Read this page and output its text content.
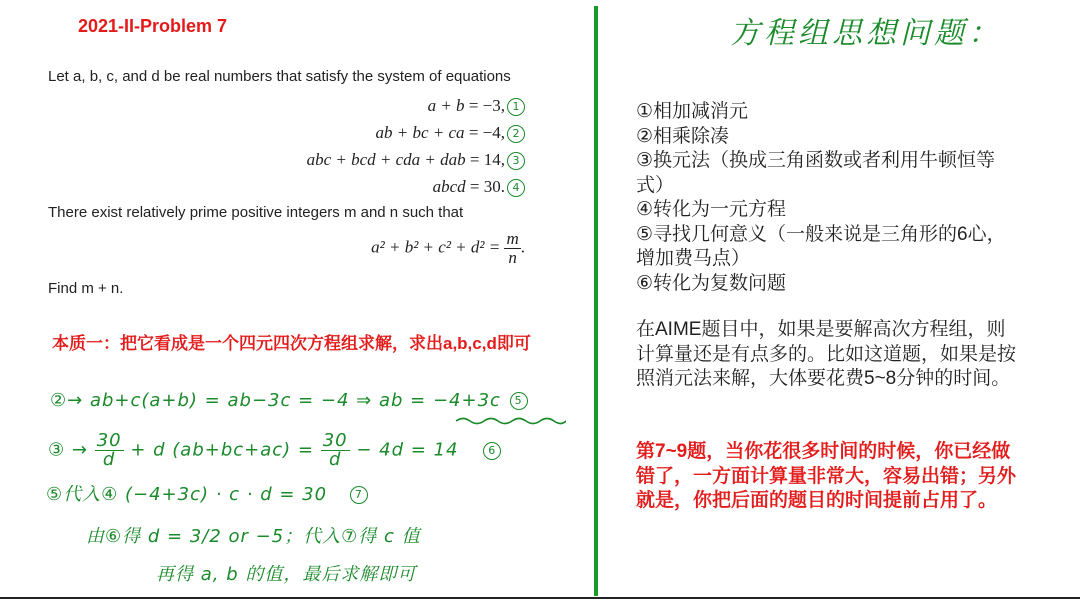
2021-II-Problem 7
Let a, b, c, and d be real numbers that satisfy the system of equations
a + b = −3, 1
ab + bc + ca = −4, 2
abc + bcd + cda + dab = 14, 3
abcd = 30. 4
There exist relatively prime positive integers m and n such that
$a^2 + b^2 + c^2 + d^2 = \frac{m}{n}$ .
Find m + n.
本质一：把它看成是一个四元四次方程组求解，求出a,b,c,d即可
②→ ab+c(a+b) = ab−3c = −4 ⇒ ab = −4+3c 5
③ → $\frac{30}{d} + d$ $(ab+bc+ac) = \frac{30}{d} - 4d = 14$	6
⑤代入④ (−4+3c) · c · d = 30	7
由⑥得 d = 3/2 or −5；代入⑦得 c 值
再得 a, b 的值，最后求解即可
方程组思想问题：
①相加减消元
②相乘除凑
③换元法（换成三角函数或者利用牛顿恒等式）
④转化为一元方程
⑤寻找几何意义（一般来说是三角形的6心，增加费马点）
⑥转化为复数问题
在AIME题目中，如果是要解高次方程组，则计算量还是有点多的。比如这道题，如果是按照消元法来解，大体要花费5~8分钟的时间。
第7~9题，当你花很多时间的时候，你已经做错了，一方面计算量非常大，容易出错；另外就是，你把后面的题目的时间提前占用了。
